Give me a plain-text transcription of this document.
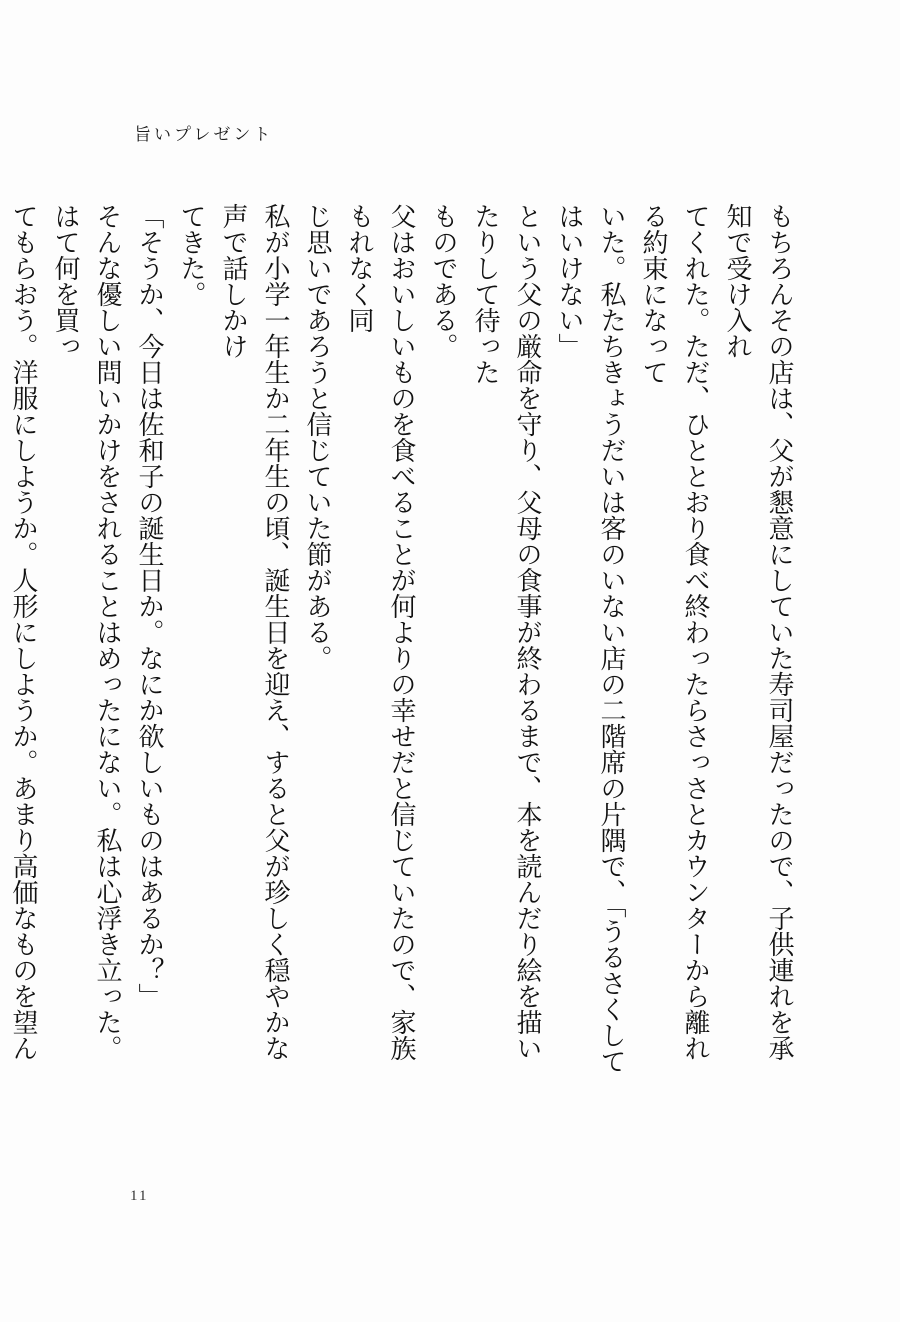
旨いプレゼント

もちろんその店は、父が懇意にしていた寿司屋だったので、子供連れを承知で受け入れ
てくれた。ただ、ひととおり食べ終わったらさっさとカウンターから離れる約束になって
いた。私たちきょうだいは客のいない店の二階席の片隅で、「うるさくしてはいけない」
という父の厳命を守り、父母の食事が終わるまで、本を読んだり絵を描いたりして待った
ものである。

父はおいしいものを食べることが何よりの幸せだと信じていたので、家族もれなく同
じ思いであろうと信じていた節がある。

私が小学一年生か二年生の頃、誕生日を迎え、すると父が珍しく穏やかな声で話しかけ
てきた。

「そうか、今日は佐和子の誕生日か。なにか欲しいものはあるか？」

そんな優しい問いかけをされることはめったにない。私は心浮き立った。はて何を買っ
てもらおう。洋服にしようか。人形にしようか。あまり高価なものを望ん

11
